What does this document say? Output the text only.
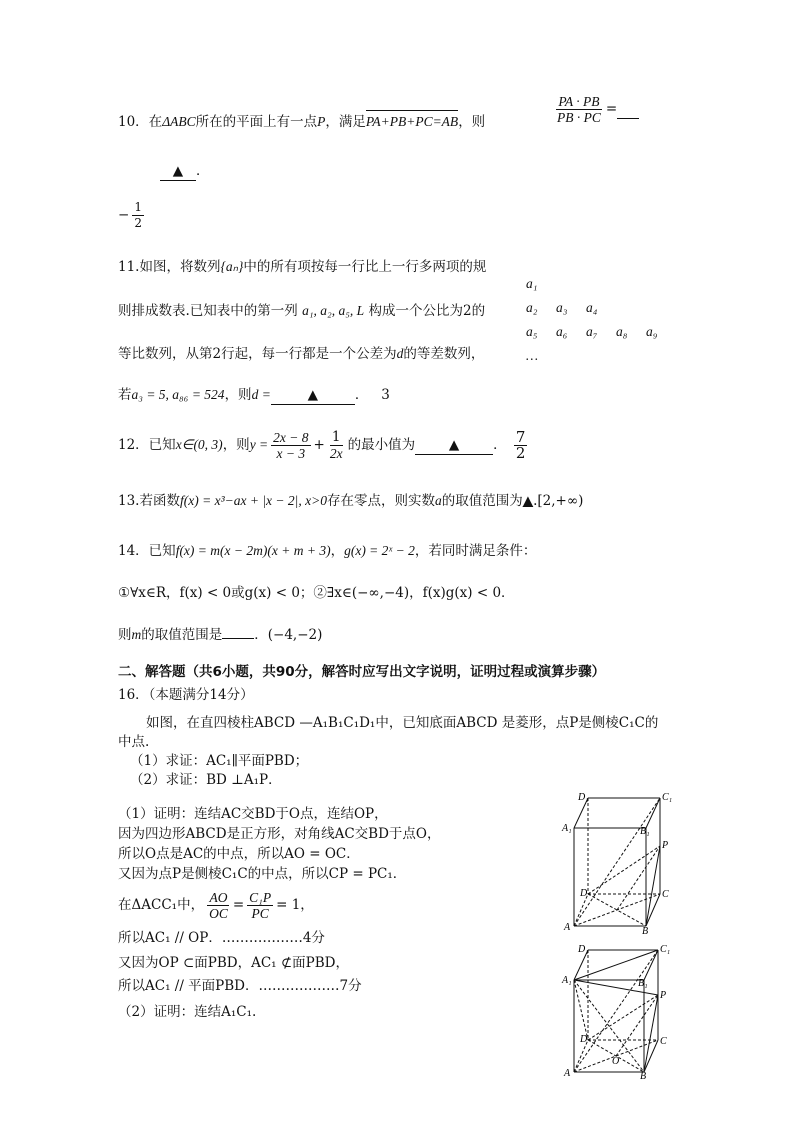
10．在ΔABC所在的平面上有一点P，满足PA+PB+PC=AB，则	$\frac{PA \cdot PB}{PB \cdot PC}$ =
▲ ．
− $\frac{1}{2}$
11.如图，将数列{aₙ}中的所有项按每一行比上一行多两项的规
则排成数表.已知表中的第一列 a₁, a₂, a₅, L 构成一个公比为2的
等比数列，从第2行起，每一行都是一个公差为d的等差数列，
若a₃ = 5, a₈₆ = 524，则d =	▲	． 3
a₁
a₂ a₃ a₄
a₅ a₆ a₇ a₈ a₉
…
12．已知x∈(0, 3)，则$y = \frac{2x - 8}{x - 3} + \frac{1}{2x}$ 的最小值为	▲	． $\frac{7}{2}$
13.若函数f(x) = x³−ax + |x − 2|, x>0存在零点，则实数a的取值范围为▲.[2,+∞)
14．已知f(x) = m(x − 2m)(x + m + 3)，g(x) = 2ˣ − 2，若同时满足条件：
①∀x∈R，f(x) < 0或g(x) < 0；②∃x∈(−∞,−4)，f(x)g(x) < 0．
则m的取值范围是 ．(−4,−2)
二、解答题（共6小题，共90分，解答时应写出文字说明，证明过程或演算步骤）
16．（本题满分14分）
如图，在直四棱柱ABCD —A₁B₁C₁D₁中，已知底面ABCD 是菱形，点P是侧棱C₁C的
中点.
（1）求证：AC₁∥平面PBD；
（2）求证：BD ⊥A₁P．
（1）证明：连结AC交BD于O点，连结OP，
因为四边形ABCD是正方形，对角线AC交BD于点O，
所以O点是AC的中点，所以AO = OC．
又因为点P是侧棱C₁C的中点，所以CP = PC₁．
在ΔACC₁中， $\frac{AO}{OC} = \frac{\text{C₁P}}{PC} = 1$，
所以AC₁ // OP．………………4分
又因为OP ⊂面PBD，AC₁ ⊄面PBD，
所以AC₁ // 平面PBD．………………7分
（2）证明：连结A₁C₁.
D₁	C₁
A₁	B₁
P
D	C
A	B
D₁	C₁
A₁	B₁
P
D	C
O
A	B
